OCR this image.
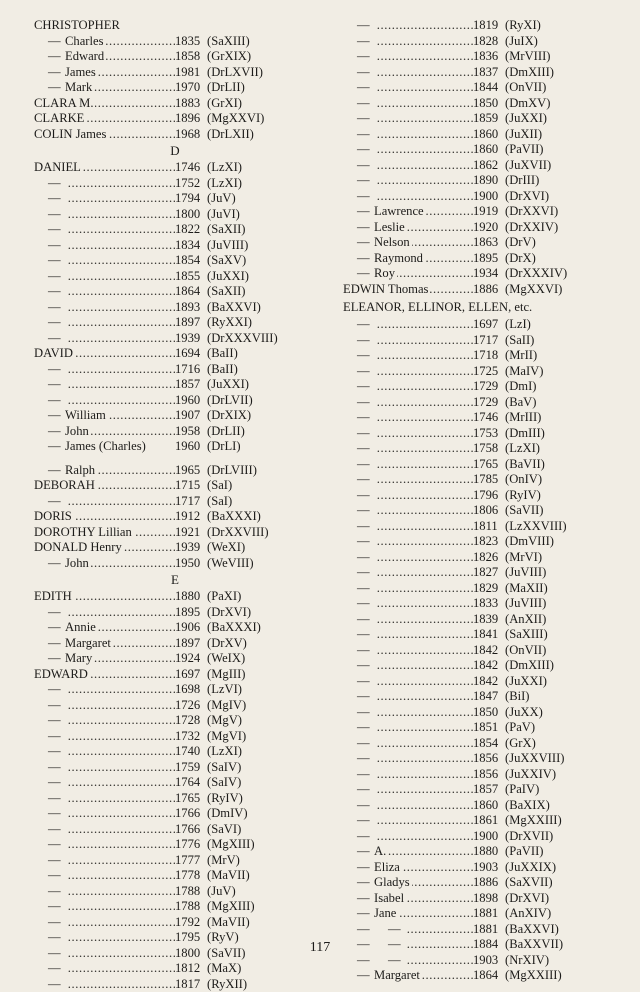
CHRISTOPHER
— Charles .....	1835 (SaXIII)
— Edward .....	1858 (GrXIX)
— James .....	1981 (DrLXVII)
— Mark .....	1970 (DrLII)
CLARA M. .....	1883 (GrXI)
CLARKE .....	1896 (MgXXVI)
COLIN James .....	1968 (DrLXII)
D
DANIEL .....	1746 (LzXI)
— .....	1752 (LzXI)
— .....	1794 (JuV)
— .....	1800 (JuVI)
— .....	1822 (SaXII)
— .....	1834 (JuVIII)
— .....	1854 (SaXV)
— .....	1855 (JuXXI)
— .....	1864 (SaXII)
— .....	1893 (BaXXVI)
— .....	1897 (RyXXI)
— .....	1939 (DrXXXVIII)
DAVID .....	1694 (BaII)
— .....	1716 (BaII)
— .....	1857 (JuXXI)
— .....	1960 (DrLVII)
— William .....	1907 (DrXIX)
— John .....	1958 (DrLII)
— James (Charles)	1960 (DrLI)
— Ralph .....	1965 (DrLVIII)
DEBORAH .....	1715 (SaI)
— .....	1717 (SaI)
DORIS .....	1912 (BaXXXI)
DOROTHY Lillian .....	1921 (DrXXVIII)
DONALD Henry .....	1939 (WeXI)
— John .....	1950 (WeVIII)
E
EDITH .....	1880 (PaXI)
— .....	1895 (DrXVI)
— Annie .....	1906 (BaXXXI)
— Margaret .....	1897 (DrXV)
— Mary .....	1924 (WeIX)
EDWARD .....	1697 (MgIII)
— .....	1698 (LzVI)
— .....	1726 (MgIV)
— .....	1728 (MgV)
— .....	1732 (MgVI)
— .....	1740 (LzXI)
— .....	1759 (SaIV)
— .....	1764 (SaIV)
— .....	1765 (RyIV)
— .....	1766 (DmIV)
— .....	1766 (SaVI)
— .....	1776 (MgXIII)
— .....	1777 (MrV)
— .....	1778 (MaVII)
— .....	1788 (JuV)
— .....	1788 (MgXIII)
— .....	1792 (MaVII)
— .....	1795 (RyV)
— .....	1800 (SaVII)
— .....	1812 (MaX)
— .....	1817 (RyXII)
— .....	1819 (RyXI)
— .....	1828 (JuIX)
— .....	1836 (MrVIII)
— .....	1837 (DmXIII)
— .....	1844 (OnVII)
— .....	1850 (DmXV)
— .....	1859 (JuXXI)
— .....	1860 (JuXII)
— .....	1860 (PaVII)
— .....	1862 (JuXVII)
— .....	1890 (DrIII)
— .....	1900 (DrXVI)
— Lawrence .....	1919 (DrXXVI)
— Leslie .....	1920 (DrXXIV)
— Nelson .....	1863 (DrV)
— Raymond .....	1895 (DrX)
— Roy .....	1934 (DrXXXIV)
EDWIN Thomas .....	1886 (MgXXVI)
ELEANOR, ELLINOR, ELLEN, etc.
— .....	1697 (LzI)
— .....	1717 (SaII)
— .....	1718 (MrII)
— .....	1725 (MaIV)
— .....	1729 (DmI)
— .....	1729 (BaV)
— .....	1746 (MrIII)
— .....	1753 (DmIII)
— .....	1758 (LzXI)
— .....	1765 (BaVII)
— .....	1785 (OnIV)
— .....	1796 (RyIV)
— .....	1806 (SaVII)
— .....	1811 (LzXXVIII)
— .....	1823 (DmVIII)
— .....	1826 (MrVI)
— .....	1827 (JuVIII)
— .....	1829 (MaXII)
— .....	1833 (JuVIII)
— .....	1839 (AnXII)
— .....	1841 (SaXIII)
— .....	1842 (OnVII)
— .....	1842 (DmXIII)
— .....	1842 (JuXXI)
— .....	1847 (BiI)
— .....	1850 (JuXX)
— .....	1851 (PaV)
— .....	1854 (GrX)
— .....	1856 (JuXXVIII)
— .....	1856 (JuXXIV)
— .....	1857 (PaIV)
— .....	1860 (BaXIX)
— .....	1861 (MgXXIII)
— .....	1900 (DrXVII)
— A. .....	1880 (PaVII)
— Eliza .....	1903 (JuXXIX)
— Gladys .....	1886 (SaXVII)
— Isabel .....	1898 (DrXVI)
— Jane .....	1881 (AnXIV)
— — .....	1881 (BaXXVI)
— — .....	1884 (BaXXVII)
— — .....	1903 (NrXIV)
— Margaret .....	1864 (MgXXIII)
117
